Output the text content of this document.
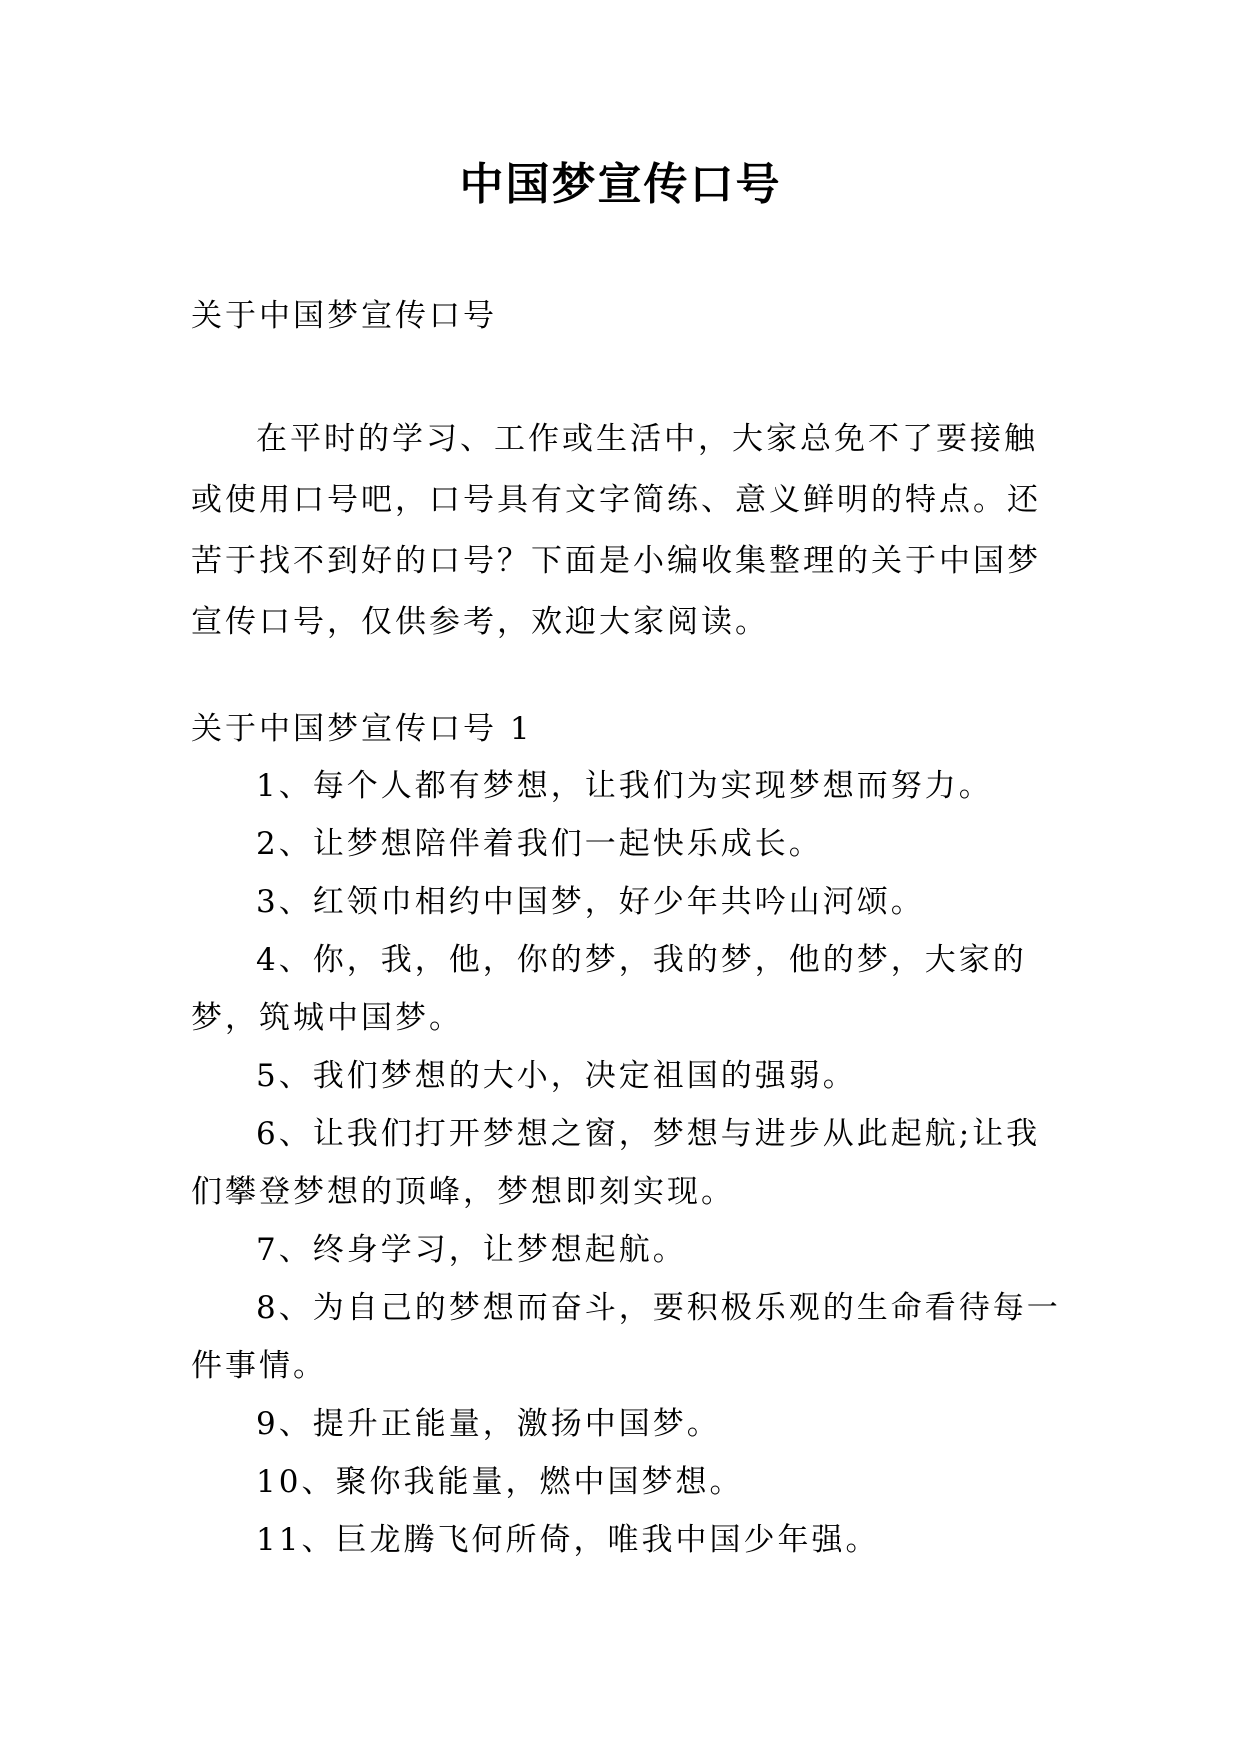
中国梦宣传口号

关于中国梦宣传口号

在平时的学习、工作或生活中，大家总免不了要接触或使用口号吧，口号具有文字简练、意义鲜明的特点。还苦于找不到好的口号？下面是小编收集整理的关于中国梦宣传口号，仅供参考，欢迎大家阅读。

关于中国梦宣传口号 1

1、每个人都有梦想，让我们为实现梦想而努力。
2、让梦想陪伴着我们一起快乐成长。
3、红领巾相约中国梦，好少年共吟山河颂。
4、你，我，他，你的梦，我的梦，他的梦，大家的梦，筑城中国梦。
5、我们梦想的大小，决定祖国的强弱。
6、让我们打开梦想之窗，梦想与进步从此起航;让我们攀登梦想的顶峰，梦想即刻实现。
7、终身学习，让梦想起航。
8、为自己的梦想而奋斗，要积极乐观的生命看待每一件事情。
9、提升正能量，激扬中国梦。
10、聚你我能量，燃中国梦想。
11、巨龙腾飞何所倚，唯我中国少年强。
